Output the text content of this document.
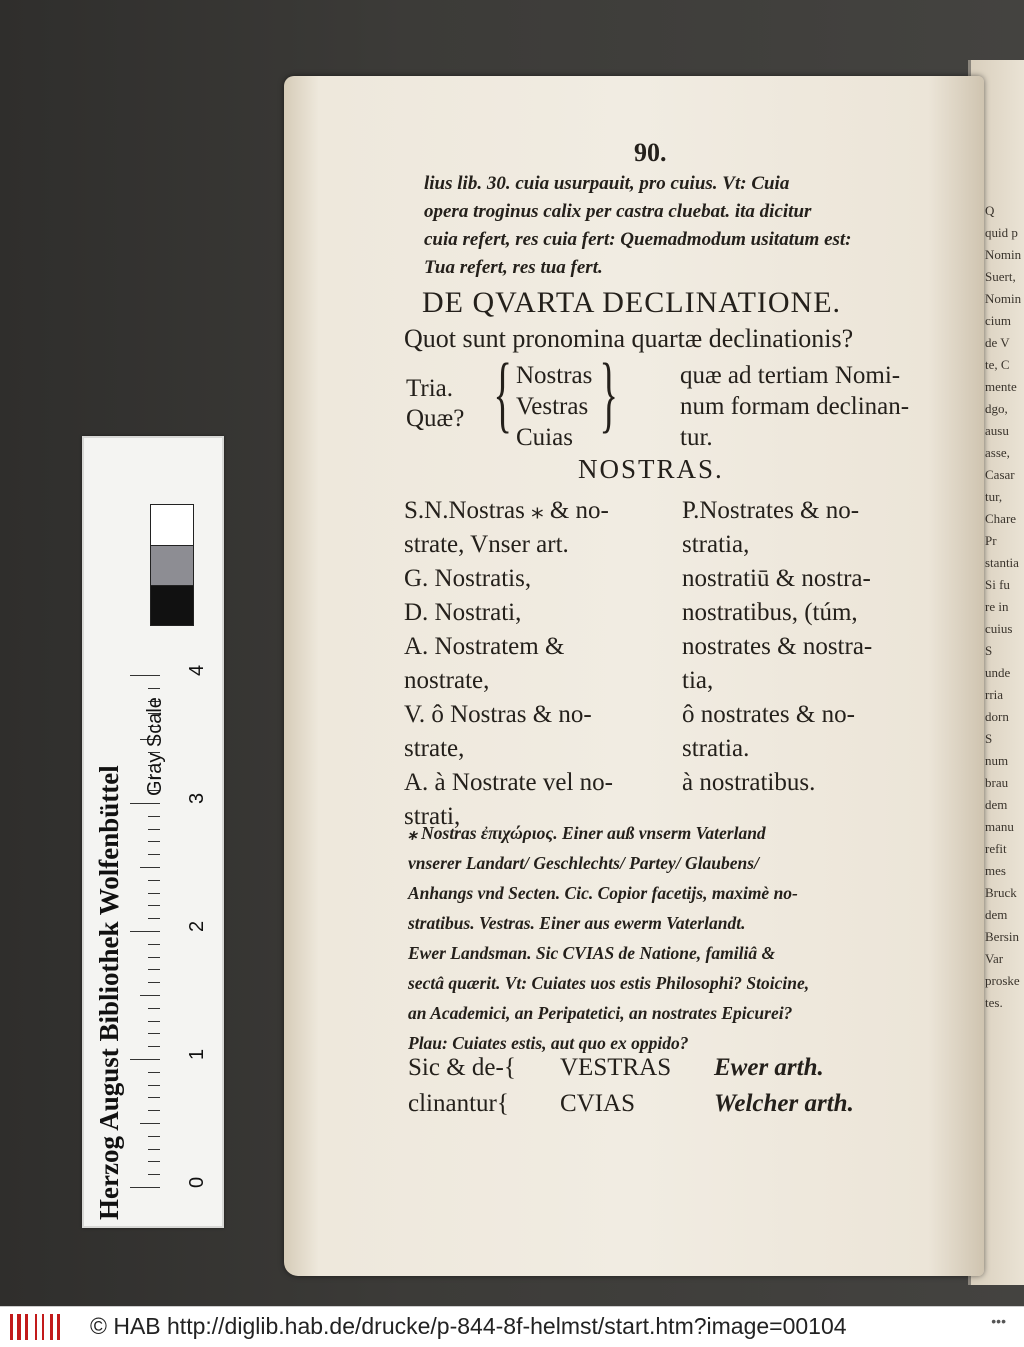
Q
quid p
Nomin
Suert,
Nomin
cium
de V
te, C
mente
dgo,
ausu
asse,
Casar
tur,
Chare
Pr
stantia
Si fu
re in
cuius
S
unde
rria
dorn
S
num
brau
dem
manu
refit
mes
Bruck
dem
Bersin
Var
proske
tes.
90.
lius lib. 30. cuia usurpauit, pro cuius. Vt: Cuia
opera troginus calix per castra cluebat. ita dicitur
cuia refert, res cuia fert: Quemadmodum usitatum est:
Tua refert, res tua fert.
DE QVARTA DECLINATIONE.
Quot sunt pronomina quartæ declinationis?
Tria.
Quæ? { Nostras
Vestras
Cuias } quæ ad tertiam Nomi-
num formam declinan-
tur.
NOSTRAS.
S.N.Nostras ⁎ & no-	P.Nostrates & no-
strate, Vnser art.	stratia,
G. Nostratis,	nostratiū & nostra-
D. Nostrati,	nostratibus, (túm,
A. Nostratem &	nostrates & nostra-
nostrate,	tia,
V. ô Nostras & no-	ô nostrates & no-
strate,	stratia.
A. à Nostrate vel no-	à nostratibus.
strati,
⁎ Nostras ἐπιχώριος. Einer auß vnserm Vaterland
vnserer Landart/ Geschlechts/ Partey/ Glaubens/
Anhangs vnd Secten. Cic. Copior facetijs, maximè no-
stratibus. Vestras. Einer aus ewerm Vaterlandt.
Ewer Landsman. Sic CVIAS de Natione, familiâ &
sectâ quærit. Vt: Cuiates uos estis Philosophi? Stoicine,
an Academici, an Peripatetici, an nostrates Epicurei?
Plau: Cuiates estis, aut quo ex oppido?
Sic & de-{	VESTRAS	Ewer arth.
clinantur{	CVIAS	Welcher arth.
Herzog August Bibliothek Wolfenbüttel	0
1
2
3
4
Gray Scale
© HAB http://diglib.hab.de/drucke/p-844-8f-helmst/start.htm?image=00104	•••
